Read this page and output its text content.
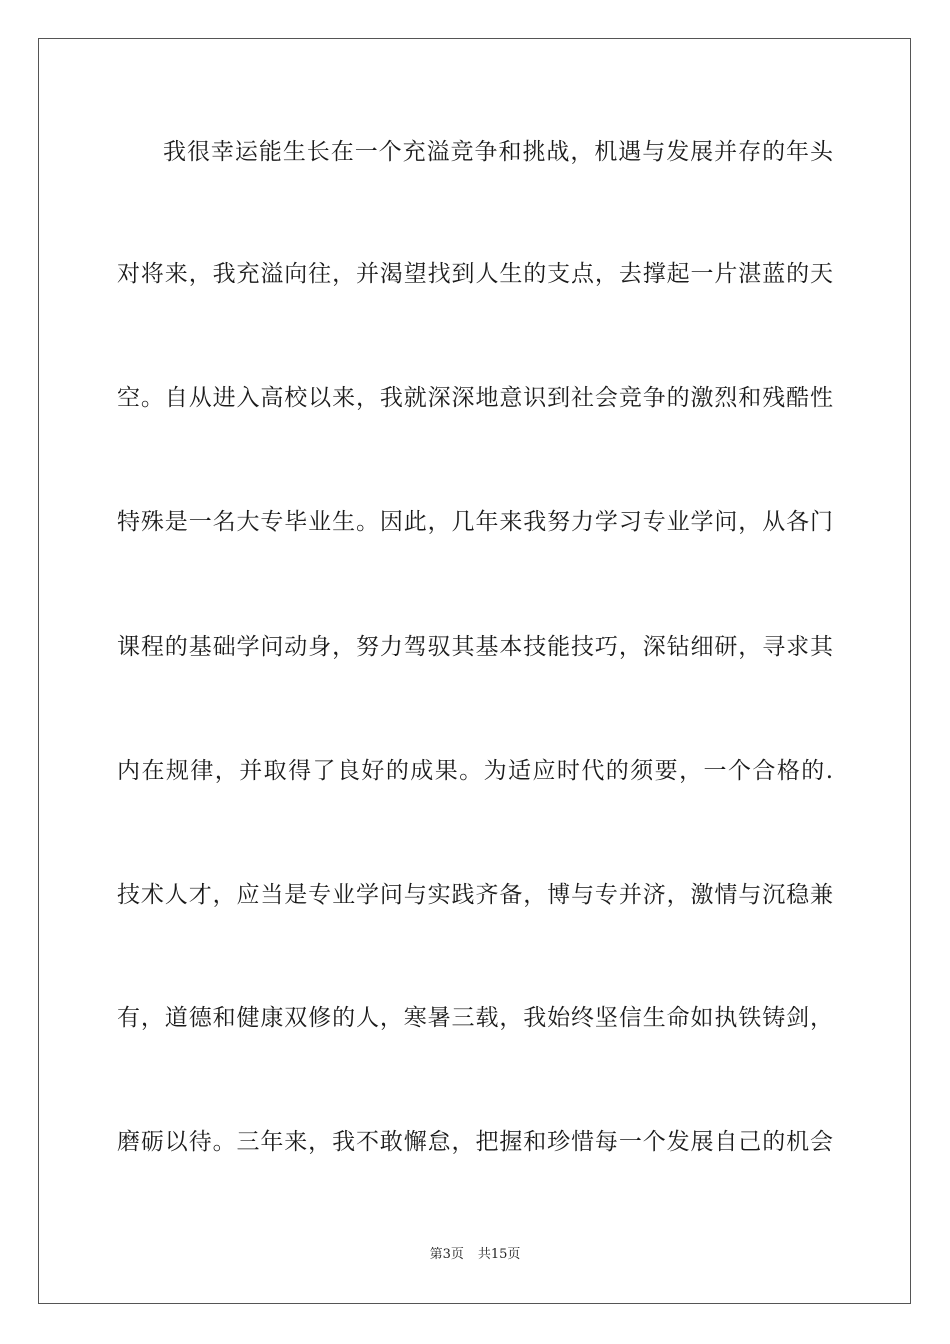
我很幸运能生长在一个充溢竞争和挑战，机遇与发展并存的年头
对将来，我充溢向往，并渴望找到人生的支点，去撑起一片湛蓝的天
空。自从进入高校以来，我就深深地意识到社会竞争的激烈和残酷性
特殊是一名大专毕业生。因此，几年来我努力学习专业学问，从各门
课程的基础学问动身，努力驾驭其基本技能技巧，深钻细研，寻求其
内在规律，并取得了良好的成果。为适应时代的须要，一个合格的.
技术人才，应当是专业学问与实践齐备，博与专并济，激情与沉稳兼
有，道德和健康双修的人，寒暑三载，我始终坚信生命如执铁铸剑，
磨砺以待。三年来，我不敢懈怠，把握和珍惜每一个发展自己的机会
第3页 共15页
